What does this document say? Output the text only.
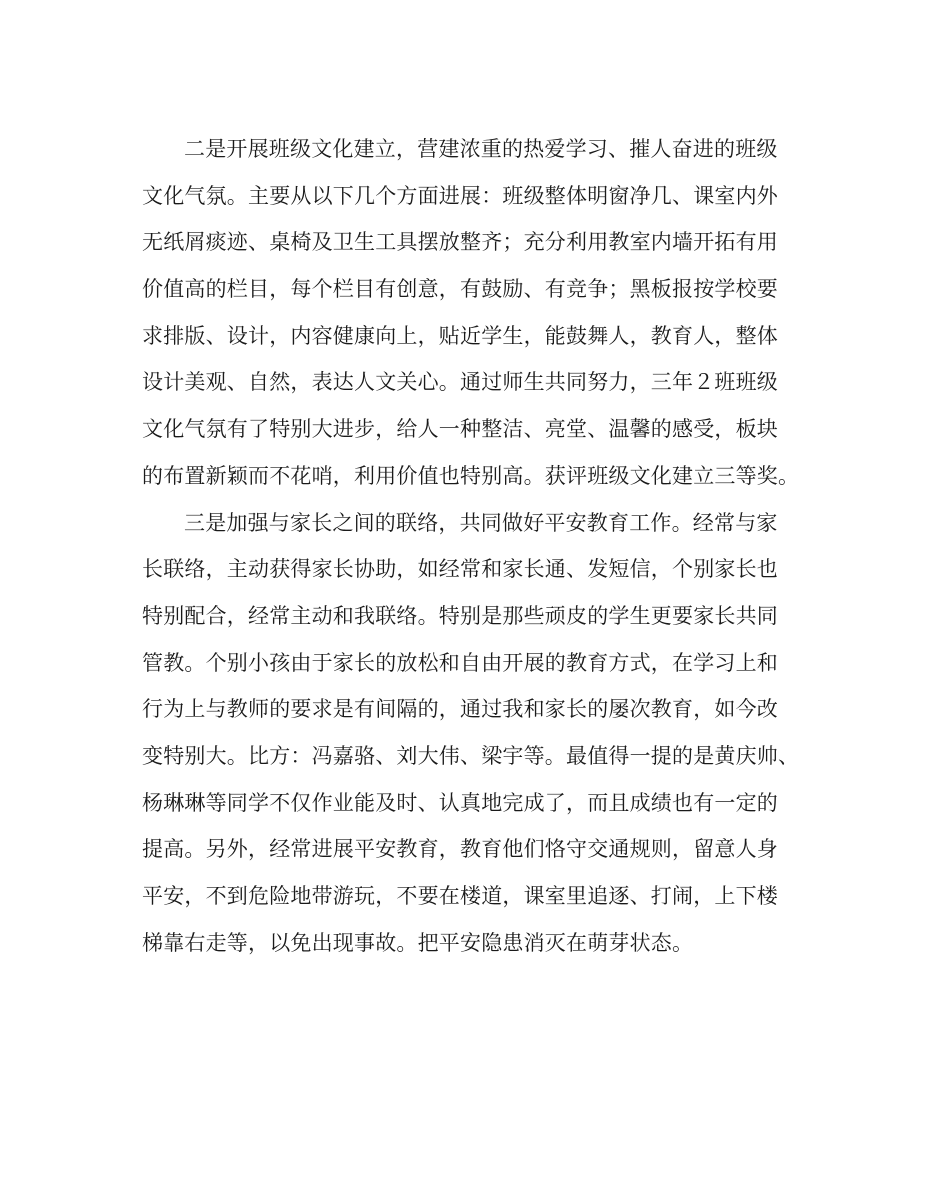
二是开展班级文化建立，营建浓重的热爱学习、摧人奋进的班级
文化气氛。主要从以下几个方面进展：班级整体明窗净几、课室内外
无纸屑痰迹、桌椅及卫生工具摆放整齐；充分利用教室内墙开拓有用
价值高的栏目，每个栏目有创意，有鼓励、有竞争；黑板报按学校要
求排版、设计，内容健康向上，贴近学生，能鼓舞人，教育人，整体
设计美观、自然，表达人文关心。通过师生共同努力，三年２班班级
文化气氛有了特别大进步，给人一种整洁、亮堂、温馨的感受，板块
的布置新颖而不花哨，利用价值也特别高。获评班级文化建立三等奖。
三是加强与家长之间的联络，共同做好平安教育工作。经常与家
长联络，主动获得家长协助，如经常和家长通、发短信，个别家长也
特别配合，经常主动和我联络。特别是那些顽皮的学生更要家长共同
管教。个别小孩由于家长的放松和自由开展的教育方式，在学习上和
行为上与教师的要求是有间隔的，通过我和家长的屡次教育，如今改
变特别大。比方：冯嘉骆、刘大伟、梁宇等。最值得一提的是黄庆帅、
杨琳琳等同学不仅作业能及时、认真地完成了，而且成绩也有一定的
提高。另外，经常进展平安教育，教育他们恪守交通规则，留意人身
平安，不到危险地带游玩，不要在楼道，课室里追逐、打闹，上下楼
梯靠右走等，以免出现事故。把平安隐患消灭在萌芽状态。
